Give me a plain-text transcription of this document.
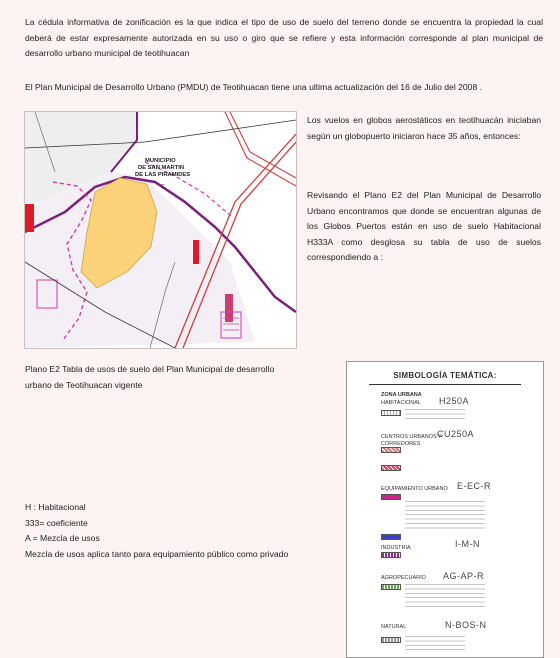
La cédula informativa de zonificación es la que indica el tipo de uso de suelo del terreno donde se encuentra la propiedad la cual deberá de estar expresamente autorizada en su uso o giro que se refiere y esta información corresponde al plan municipal de desarrollo urbano municipal de teotihuacan

El Plan Municipal de Desarrollo Urbano (PMDU) de Teotihuacan tiene una ultima actualización del 16 de Julio del 2008 .

MUNICIPIO
DE SAN MARTIN
DE LAS PIRAMIDES
C

Los vuelos en globos aerostáticos en teotihuacán iniciaban según un globopuerto iniciaron hace 35 años, entonces:

Revisando el Plano E2 del Plan Municipal de Desarrollo Urbano encontramos que donde se encuentran algunas de los Globos Puertos están en uso de suelo Habitacional H333A como desglosa su tabla de uso de suelos correspondiendo a :

Plano E2 Tabla de usos de suelo del Plan Municipal de desarrollo urbano de Teotihuacan vigente

H : Habitacional
333= coeficiente
A = Mezcla de usos
Mezcla de usos aplica tanto para equipamiento público como privado
SIMBOLOGÍA TEMÁTICA:
ZONA URBANA
HABITACIONAL H250A
CENTROS URBANOS Y CORREDORES
CU250A
EQUIPAMIENTO URBANO E-EC-R
INDUSTRIA	I-M-N
AGROPECUARIO AG-AP-R
NATURAL	N-BOS-N
